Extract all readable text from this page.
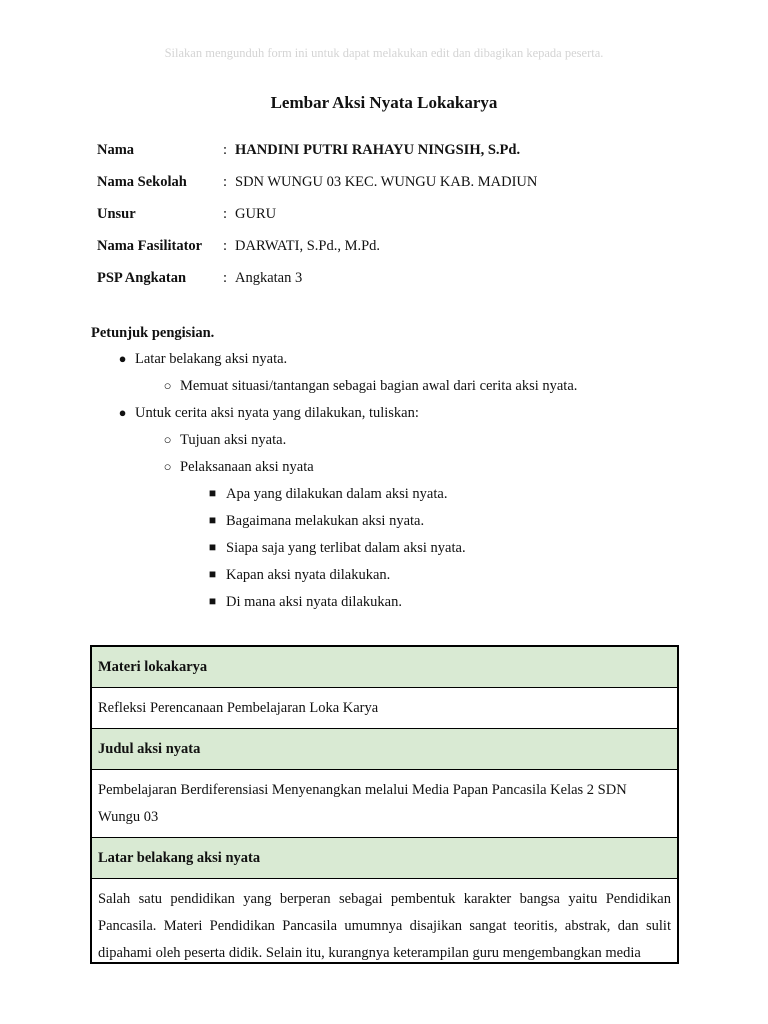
Silakan mengunduh form ini untuk dapat melakukan edit dan dibagikan kepada peserta.
Lembar Aksi Nyata Lokakarya
Nama	: HANDINI PUTRI RAHAYU NINGSIH, S.Pd.
Nama Sekolah	: SDN WUNGU 03 KEC. WUNGU KAB. MADIUN
Unsur	: GURU
Nama Fasilitator	: DARWATI, S.Pd., M.Pd.
PSP Angkatan	: Angkatan 3
Petunjuk pengisian.
● Latar belakang aksi nyata.
○ Memuat situasi/tantangan sebagai bagian awal dari cerita aksi nyata.
● Untuk cerita aksi nyata yang dilakukan, tuliskan:
○ Tujuan aksi nyata.
○ Pelaksanaan aksi nyata
■ Apa yang dilakukan dalam aksi nyata.
■ Bagaimana melakukan aksi nyata.
■ Siapa saja yang terlibat dalam aksi nyata.
■ Kapan aksi nyata dilakukan.
■ Di mana aksi nyata dilakukan.
Materi lokakarya
Refleksi Perencanaan Pembelajaran Loka Karya
Judul aksi nyata
Pembelajaran Berdiferensiasi Menyenangkan melalui Media Papan Pancasila Kelas 2 SDN Wungu 03
Latar belakang aksi nyata
Salah satu pendidikan yang berperan sebagai pembentuk karakter bangsa yaitu Pendidikan Pancasila. Materi Pendidikan Pancasila umumnya disajikan sangat teoritis, abstrak, dan sulit dipahami oleh peserta didik. Selain itu, kurangnya keterampilan guru mengembangkan media
